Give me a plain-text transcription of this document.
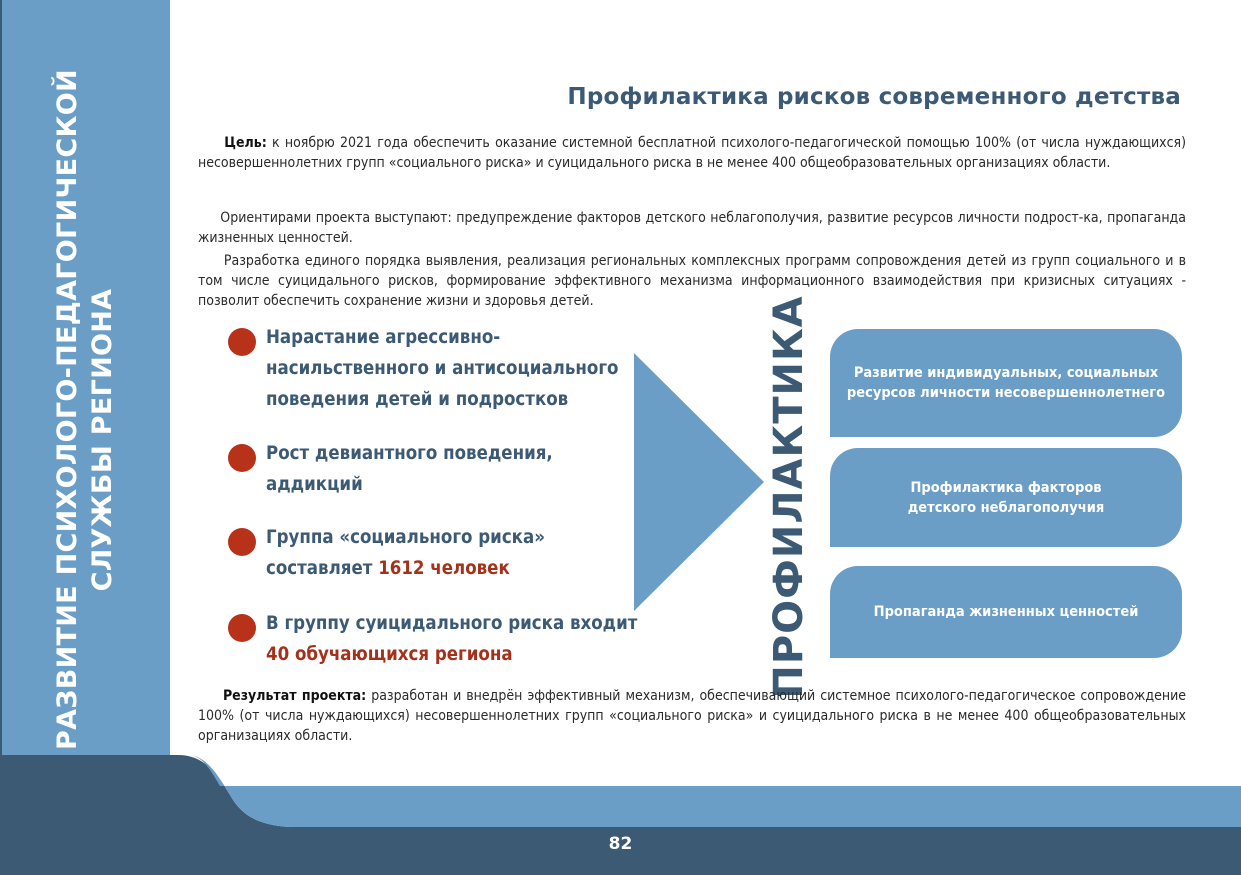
РАЗВИТИЕ ПСИХОЛОГО-ПЕДАГОГИЧЕСКОЙ СЛУЖБЫ РЕГИОНА
82
Профилактика рисков современного детства

Цель: к ноябрю 2021 года обеспечить оказание системной бесплатной психолого-педагогической помощью 100% (от числа нуждающихся) несовершеннолетних групп «социального риска» и суицидального риска в не менее 400 общеобразовательных организациях области.

Ориентирами проекта выступают: предупреждение факторов детского неблагополучия, развитие ресурсов личности подрост-ка, пропаганда жизненных ценностей.

Разработка единого порядка выявления, реализация региональных комплексных программ сопровождения детей из групп социального и в том числе суицидального рисков, формирование эффективного механизма информационного взаимодействия при кризисных ситуациях - позволит обеспечить сохранение жизни и здоровья детей.

Нарастание агрессивно-насильственного и антисоциального поведения детей и подростков
Рост девиантного поведения, аддикций
Группа «социального риска» составляет 1612 человек
В группу суицидального риска входит 40 обучающихся региона	ПРОФИЛАКТИКА	Развитие индивидуальных, социальных
ресурсов личности несовершеннолетнего
Профилактика факторов
детского неблагополучия
Пропаганда жизненных ценностей

Результат проекта: разработан и внедрён эффективный механизм, обеспечивающий системное психолого-педагогическое сопровождение 100% (от числа нуждающихся) несовершеннолетних групп «социального риска» и суицидального риска в не менее 400 общеобразовательных организациях области.
